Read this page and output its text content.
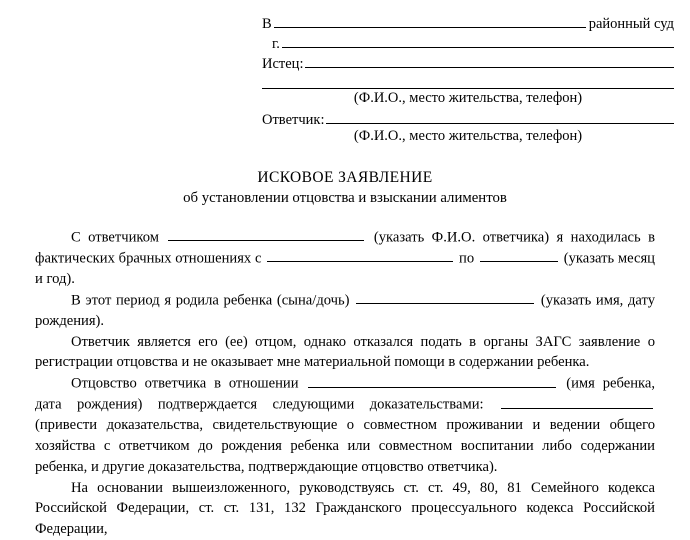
В	районный суд
г.
Истец:
(Ф.И.О., место жительства, телефон)
Ответчик:
(Ф.И.О., место жительства, телефон)
ИСКОВОЕ ЗАЯВЛЕНИЕ
об установлении отцовства и взыскании алиментов

С ответчиком	(указать Ф.И.О. ответчика) я находилась в фактических брачных отношениях с	по	(указать месяц и год).

В этот период я родила ребенка (сына/дочь)	(указать имя, дату рождения).

Ответчик является его (ее) отцом, однако отказался подать в органы ЗАГС заявление о регистрации отцовства и не оказывает мне материальной помощи в содержании ребенка.

Отцовство ответчика в отношении	(имя ребенка, дата рождения) подтверждается следующими доказательствами:  (привести доказательства, свидетельствующие о совместном проживании и ведении общего хозяйства с ответчиком до рождения ребенка или совместном воспитании либо содержании ребенка, и другие доказательства, подтверждающие отцовство ответчика).

На основании вышеизложенного, руководствуясь ст. ст. 49, 80, 81 Семейного кодекса Российской Федерации, ст. ст. 131, 132 Гражданского процессуального кодекса Российской Федерации,
